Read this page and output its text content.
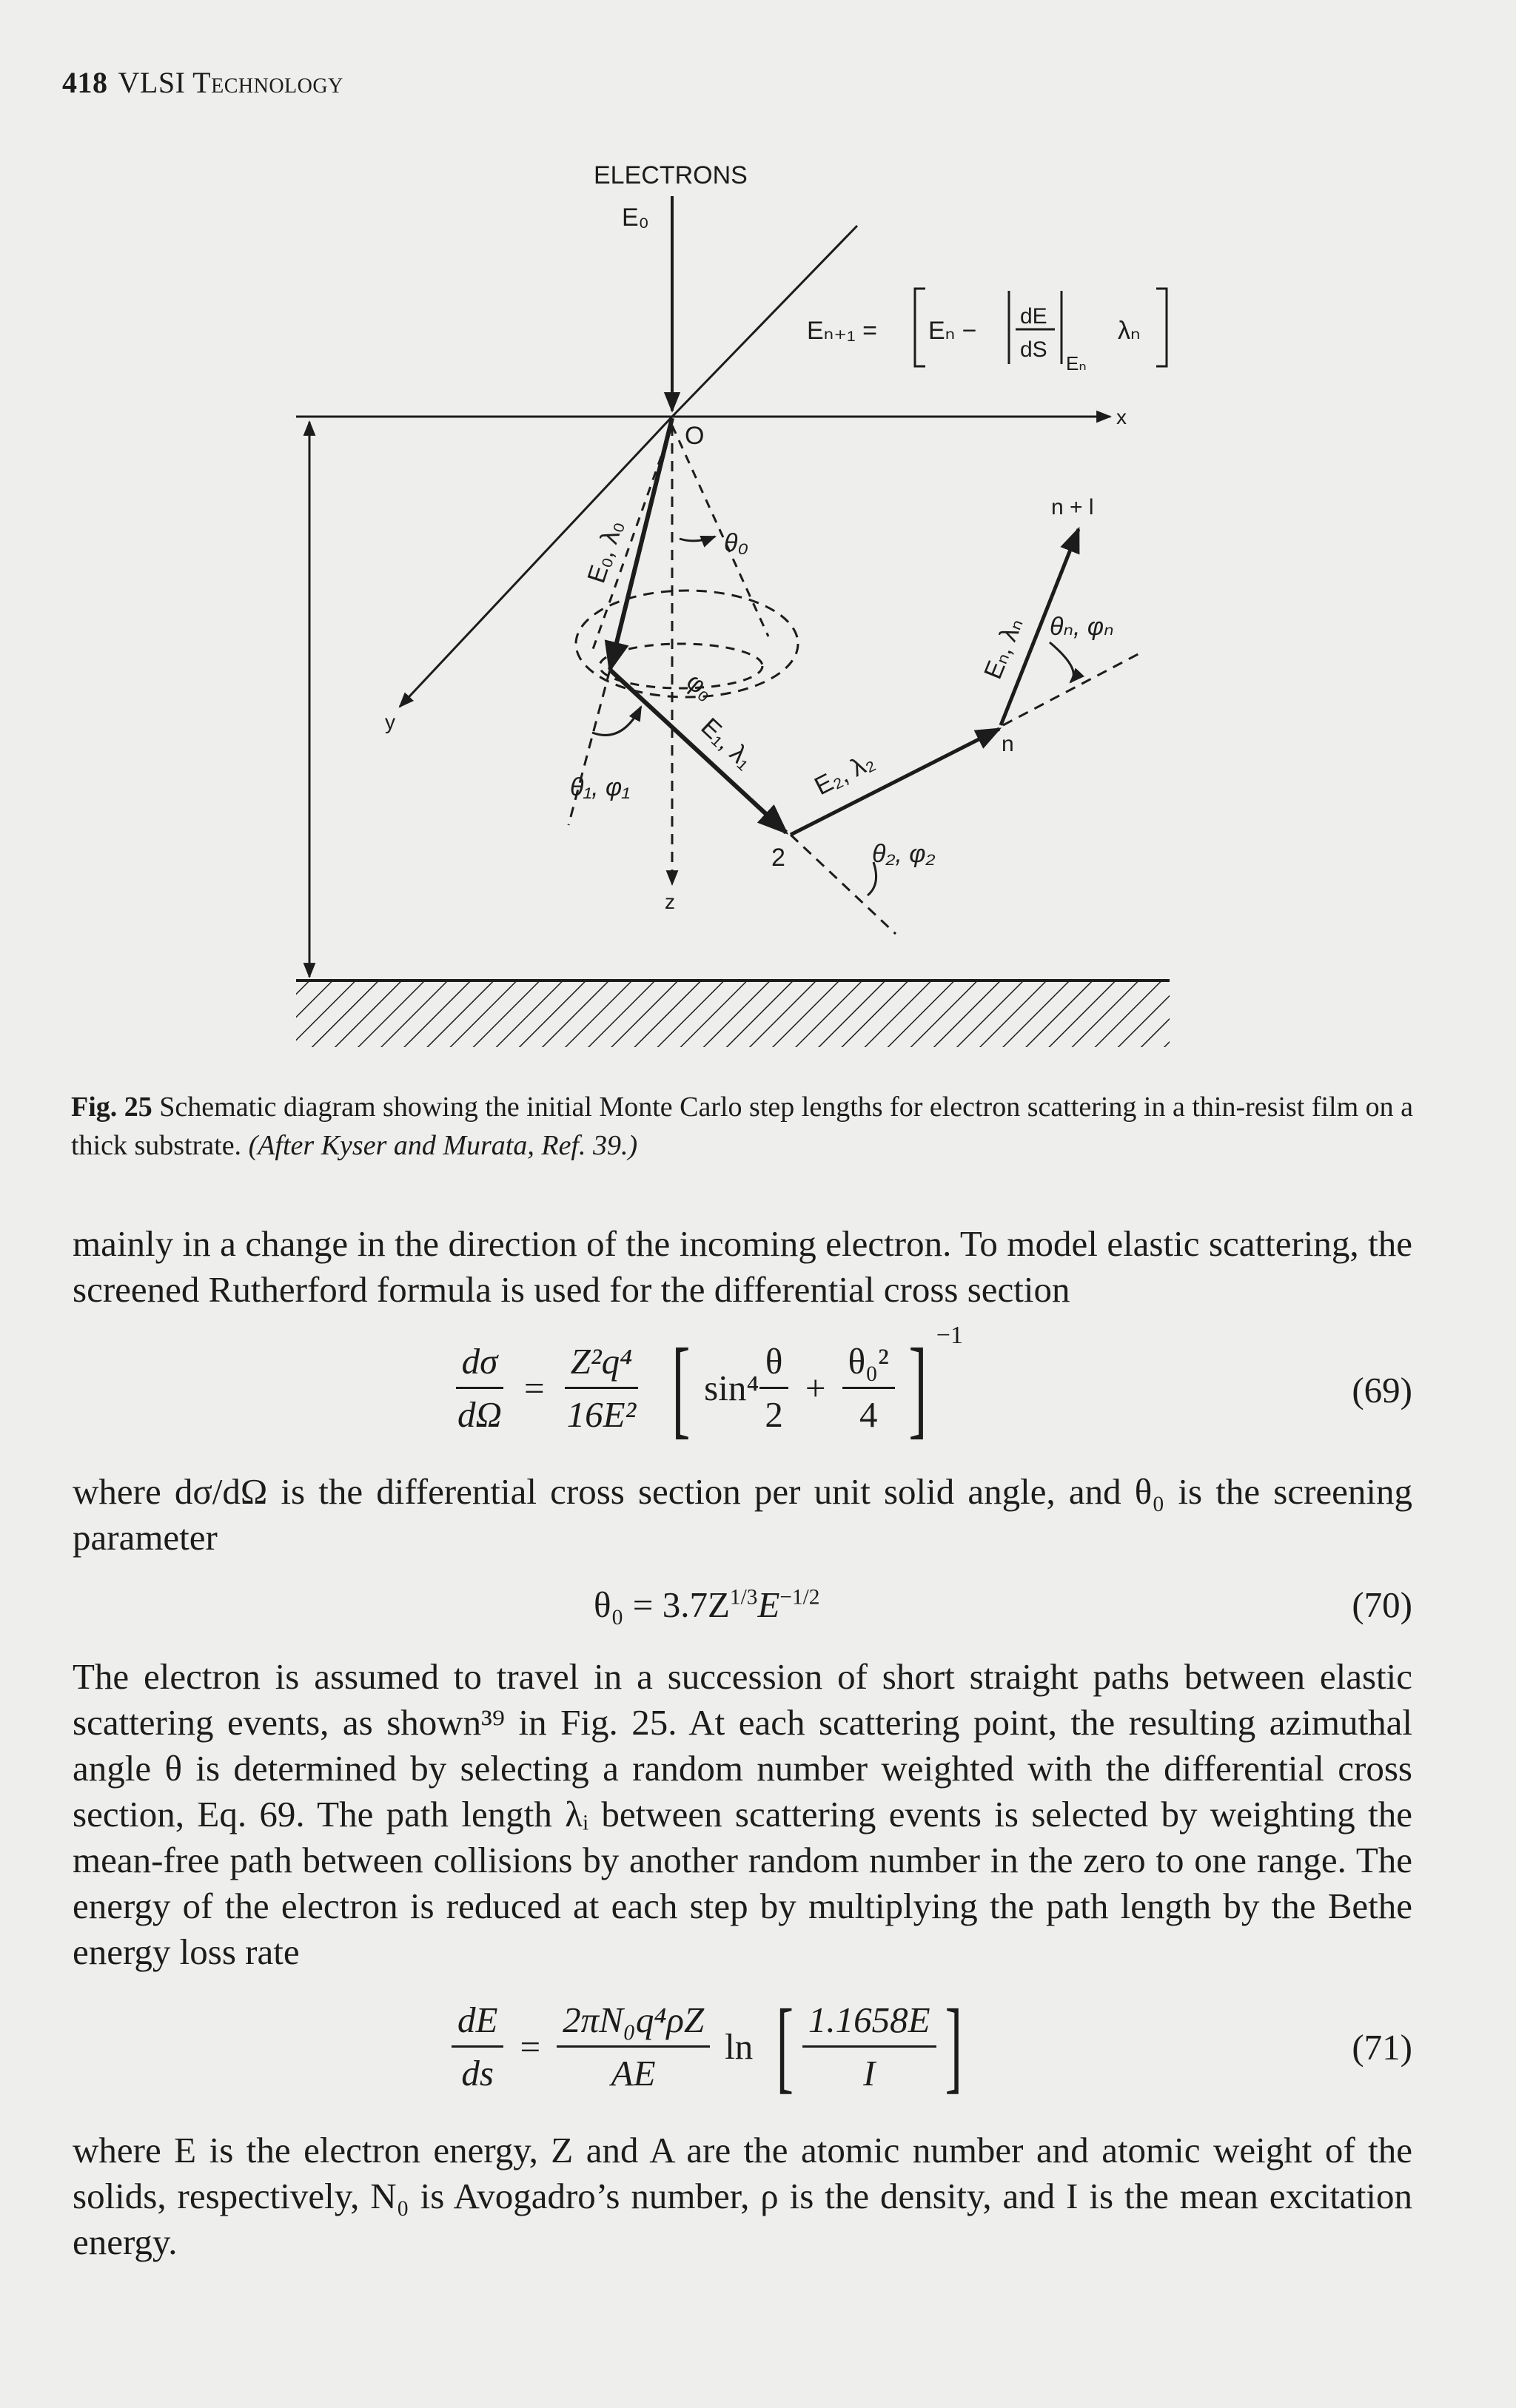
418 VLSI Technology
ELECTRONS
E₀
O
x
y
z
2
n
n + l
E₀, λ₀
E₁, λ₁ E₂, λ₂
Eₙ, λₙ
θ₀
φ₀
θ₁, φ₁
θ₂, φ₂
θₙ, φₙ
Eₙ₊₁ = Eₙ −
dE
dS
Eₙ
λₙ
Fig. 25 Schematic diagram showing the initial Monte Carlo step lengths for electron scattering in a thin-resist film on a thick substrate. (After Kyser and Murata, Ref. 39.)
mainly in a change in the direction of the incoming electron. To model elastic scattering, the screened Rutherford formula is used for the differential cross section
$\frac{d\sigma}{d\Omega} = \frac{\text{Z²q⁴}}{\text{16E²}}$ [ $\sin^4 \frac{\theta}{2} + \frac{\text{θ₀²}}{4}$ ] −1
(69)
where dσ/dΩ is the differential cross section per unit solid angle, and θ₀ is the screening parameter
$\theta_0 = 3.7Z^{1/3}E^{-1/2}$	(70)
The electron is assumed to travel in a succession of short straight paths between elastic scattering events, as shown³⁹ in Fig. 25. At each scattering point, the resulting azimuthal angle θ is determined by selecting a random number weighted with the differential cross section, Eq. 69. The path length λᵢ between scattering events is selected by weighting the mean-free path between collisions by another random number in the zero to one range. The energy of the electron is reduced at each step by multiplying the path length by the Bethe energy loss rate
$\frac{dE}{ds} = \frac{\text{2πN₀q⁴ρZ}}{AE}$ ln [ $\frac{1.1658E}{I}$ ]	(71)
where E is the electron energy, Z and A are the atomic number and atomic weight of the solids, respectively, N₀ is Avogadro’s number, ρ is the density, and I is the mean excitation energy.
